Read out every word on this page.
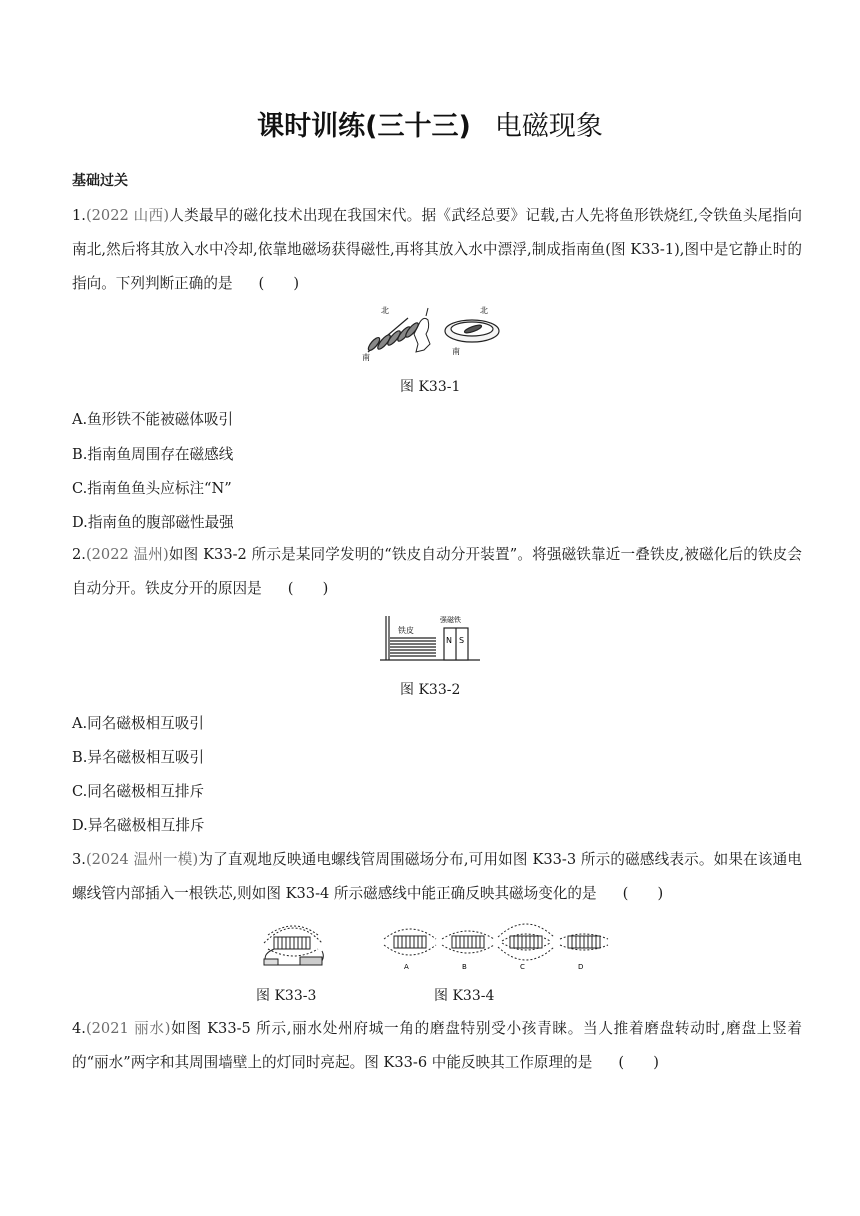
课时训练(三十三) 电磁现象
基础过关
1.(2022 山西)人类最早的磁化技术出现在我国宋代。据《武经总要》记载,古人先将鱼形铁烧红,令铁鱼头尾指向南北,然后将其放入水中冷却,依靠地磁场获得磁性,再将其放入水中漂浮,制成指南鱼(图 K33-1),图中是它静止时的指向。下列判断正确的是 (　　)
北
南
北
南
图 K33-1
A.鱼形铁不能被磁体吸引
B.指南鱼周围存在磁感线
C.指南鱼鱼头应标注“N”
D.指南鱼的腹部磁性最强
2.(2022 温州)如图 K33-2 所示是某同学发明的“铁皮自动分开装置”。将强磁铁靠近一叠铁皮,被磁化后的铁皮会自动分开。铁皮分开的原因是 (　　)
铁皮
强磁铁
N S
图 K33-2
A.同名磁极相互吸引
B.异名磁极相互吸引
C.同名磁极相互排斥
D.异名磁极相互排斥
3.(2024 温州一模)为了直观地反映通电螺线管周围磁场分布,可用如图 K33-3 所示的磁感线表示。如果在该通电螺线管内部插入一根铁芯,则如图 K33-4 所示磁感线中能正确反映其磁场变化的是 (　　)
A	B	C	D
图 K33-3	图 K33-4
4.(2021 丽水)如图 K33-5 所示,丽水处州府城一角的磨盘特别受小孩青睐。当人推着磨盘转动时,磨盘上竖着的“丽水”两字和其周围墙壁上的灯同时亮起。图 K33-6 中能反映其工作原理的是 (　　)
